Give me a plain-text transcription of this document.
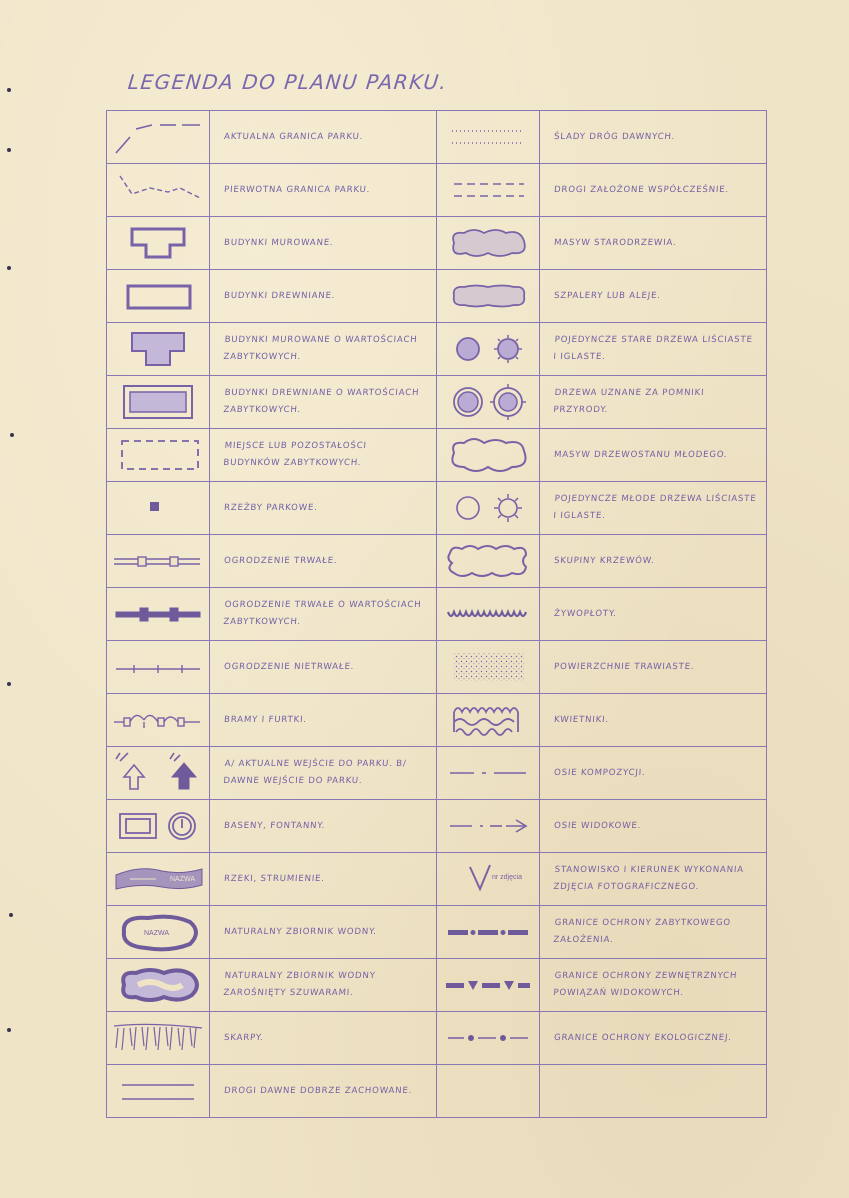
LEGENDA DO PLANU PARKU.

AKTUALNA GRANICA PARKU.		ŚLADY DRÓG DAWNYCH.

PIERWOTNA GRANICA PARKU.		DROGI ZAŁOŻONE WSPÓŁCZEŚNIE.

BUDYNKI MUROWANE.		MASYW STARODRZEWIA.

BUDYNKI DREWNIANE.		SZPALERY LUB ALEJE.

BUDYNKI MUROWANE O WARTOŚCIACH ZABYTKOWYCH.		POJEDYNCZE STARE DRZEWA LIŚCIASTE I IGLASTE.

BUDYNKI DREWNIANE O WARTOŚCIACH ZABYTKOWYCH.		DRZEWA UZNANE ZA POMNIKI PRZYRODY.

MIEJSCE LUB POZOSTAŁOŚCI BUDYNKÓW ZABYTKOWYCH.		MASYW DRZEWOSTANU MŁODEGO.

RZEŹBY PARKOWE.		POJEDYNCZE MŁODE DRZEWA LIŚCIASTE I IGLASTE.

OGRODZENIE TRWAŁE.		SKUPINY KRZEWÓW.

OGRODZENIE TRWAŁE O WARTOŚCIACH ZABYTKOWYCH.		ŻYWOPŁOTY.

OGRODZENIE NIETRWAŁE.		POWIERZCHNIE TRAWIASTE.

BRAMY I FURTKI.		KWIETNIKI.

A/ AKTUALNE WEJŚCIE DO PARKU. B/ DAWNE WEJŚCIE DO PARKU.		OSIE KOMPOZYCJI.

BASENY, FONTANNY.		OSIE WIDOKOWE.

NAZWA	RZEKI, STRUMIENIE.	nr zdjęcia	STANOWISKO I KIERUNEK WYKONANIA ZDJĘCIA FOTOGRAFICZNEGO.

NAZWA	NATURALNY ZBIORNIK WODNY.		GRANICE OCHRONY ZABYTKOWEGO ZAŁOŻENIA.

NATURALNY ZBIORNIK WODNY ZAROŚNIĘTY SZUWARAMI.		GRANICE OCHRONY ZEWNĘTRZNYCH POWIĄZAŃ WIDOKOWYCH.

SKARPY.		GRANICE OCHRONY EKOLOGICZNEJ.

DROGI DAWNE DOBRZE ZACHOWANE.		
